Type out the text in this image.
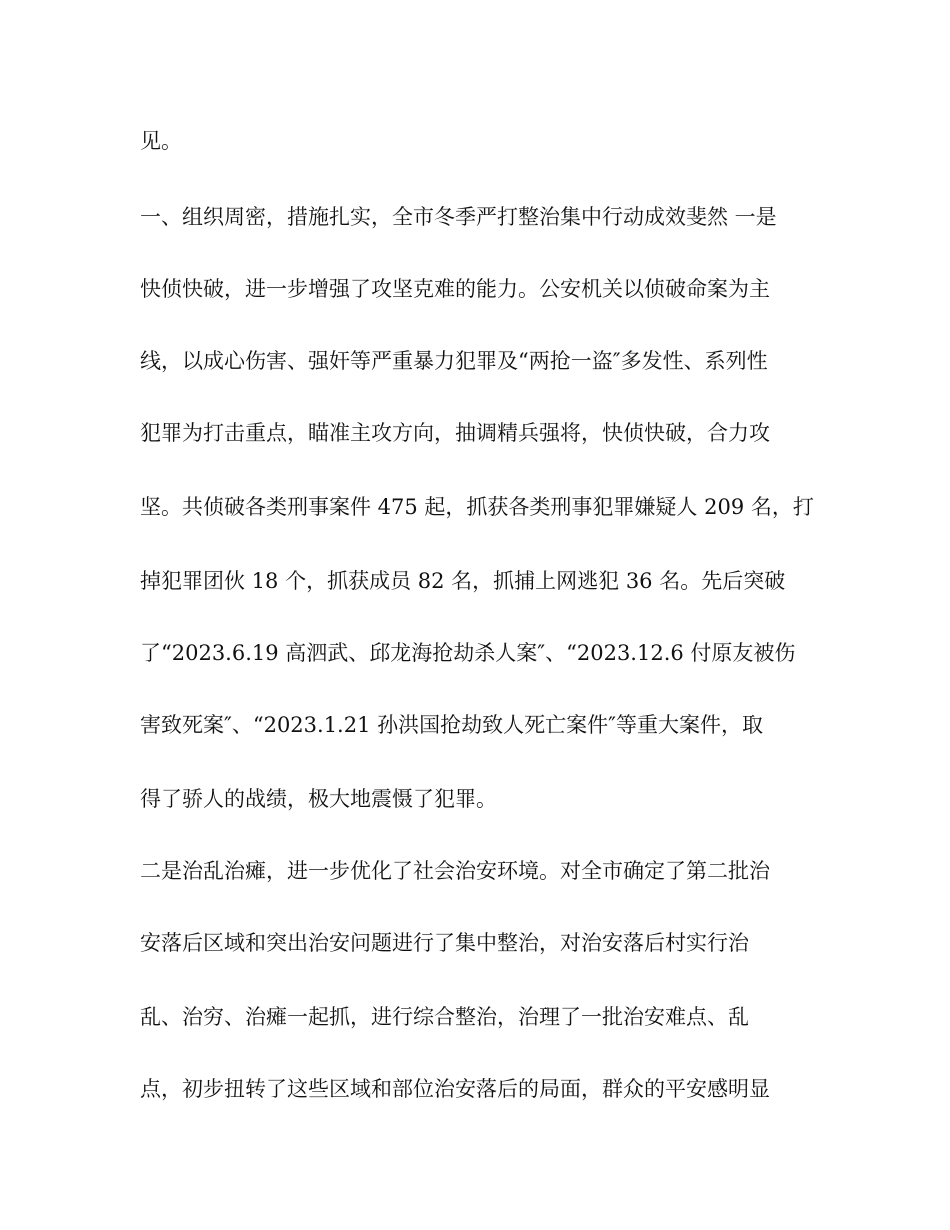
见。
一、组织周密，措施扎实，全市冬季严打整治集中行动成效斐然 一是
快侦快破，进一步增强了攻坚克难的能力。公安机关以侦破命案为主
线，以成心伤害、强奸等严重暴力犯罪及“两抢一盗″多发性、系列性
犯罪为打击重点，瞄准主攻方向，抽调精兵强将，快侦快破，合力攻
坚。共侦破各类刑事案件 475 起，抓获各类刑事犯罪嫌疑人 209 名，打
掉犯罪团伙 18 个，抓获成员 82 名，抓捕上网逃犯 36 名。先后突破
了“2023.6.19 高泗武、邱龙海抢劫杀人案″、“2023.12.6 付原友被伤
害致死案″、“2023.1.21 孙洪国抢劫致人死亡案件″等重大案件，取
得了骄人的战绩，极大地震慑了犯罪。
二是治乱治瘫，进一步优化了社会治安环境。对全市确定了第二批治
安落后区域和突出治安问题进行了集中整治，对治安落后村实行治
乱、治穷、治瘫一起抓，进行综合整治，治理了一批治安难点、乱
点，初步扭转了这些区域和部位治安落后的局面，群众的平安感明显
